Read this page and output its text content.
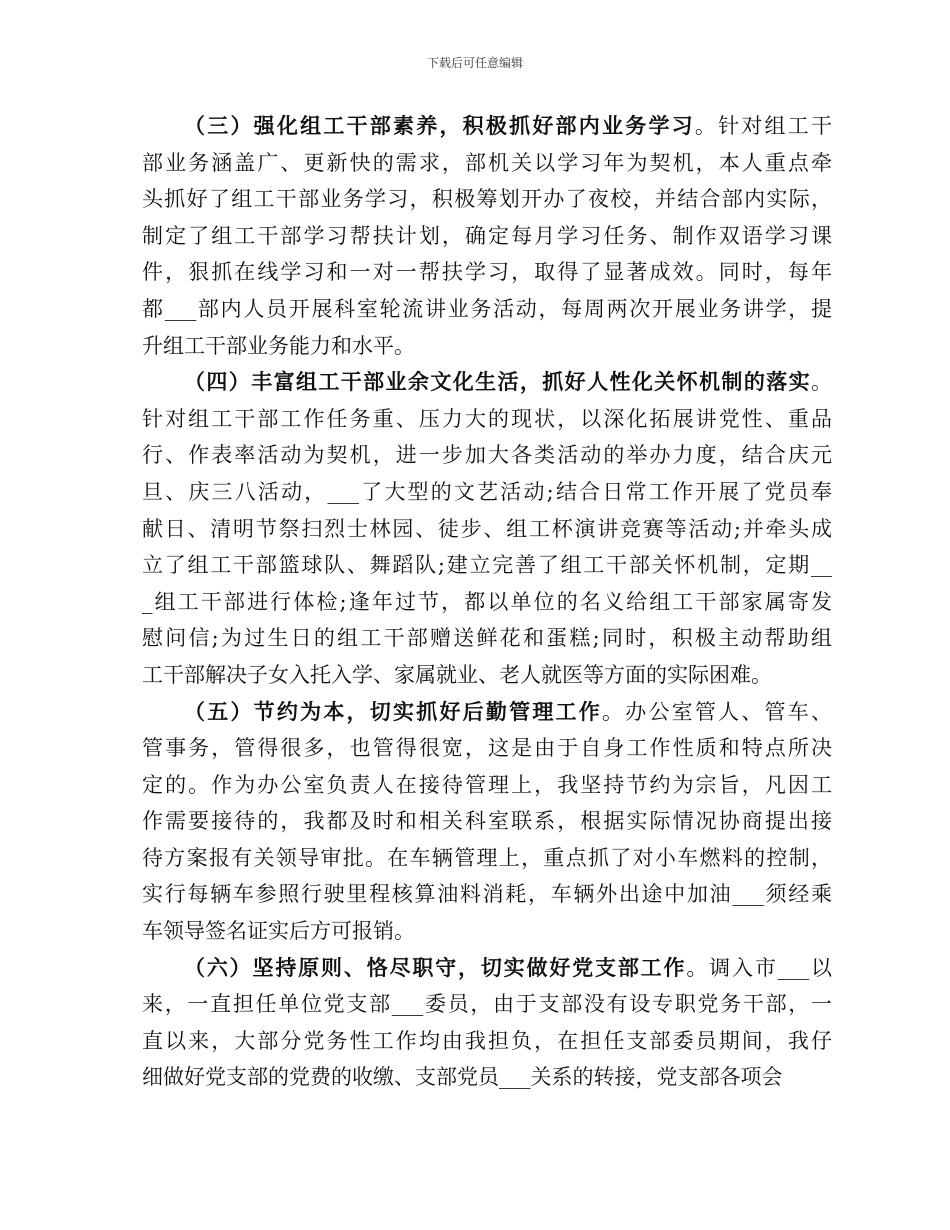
下载后可任意编辑
（三）强化组工干部素养，积极抓好部内业务学习。针对组工干
部业务涵盖广、更新快的需求，部机关以学习年为契机，本人重点牵
头抓好了组工干部业务学习，积极筹划开办了夜校，并结合部内实际，
制定了组工干部学习帮扶计划，确定每月学习任务、制作双语学习课
件，狠抓在线学习和一对一帮扶学习，取得了显著成效。同时，每年
都___部内人员开展科室轮流讲业务活动，每周两次开展业务讲学，提
升组工干部业务能力和水平。
（四）丰富组工干部业余文化生活，抓好人性化关怀机制的落实。
针对组工干部工作任务重、压力大的现状，以深化拓展讲党性、重品
行、作表率活动为契机，进一步加大各类活动的举办力度，结合庆元
旦、庆三八活动，___了大型的文艺活动;结合日常工作开展了党员奉
献日、清明节祭扫烈士林园、徒步、组工杯演讲竞赛等活动;并牵头成
立了组工干部篮球队、舞蹈队;建立完善了组工干部关怀机制，定期__
_组工干部进行体检;逢年过节，都以单位的名义给组工干部家属寄发
慰问信;为过生日的组工干部赠送鲜花和蛋糕;同时，积极主动帮助组
工干部解决子女入托入学、家属就业、老人就医等方面的实际困难。
（五）节约为本，切实抓好后勤管理工作。办公室管人、管车、
管事务，管得很多，也管得很宽，这是由于自身工作性质和特点所决
定的。作为办公室负责人在接待管理上，我坚持节约为宗旨，凡因工
作需要接待的，我都及时和相关科室联系，根据实际情况协商提出接
待方案报有关领导审批。在车辆管理上，重点抓了对小车燃料的控制，
实行每辆车参照行驶里程核算油料消耗，车辆外出途中加油___须经乘
车领导签名证实后方可报销。
（六）坚持原则、恪尽职守，切实做好党支部工作。调入市___以
来，一直担任单位党支部___委员，由于支部没有设专职党务干部，一
直以来，大部分党务性工作均由我担负，在担任支部委员期间，我仔
细做好党支部的党费的收缴、支部党员___关系的转接，党支部各项会
